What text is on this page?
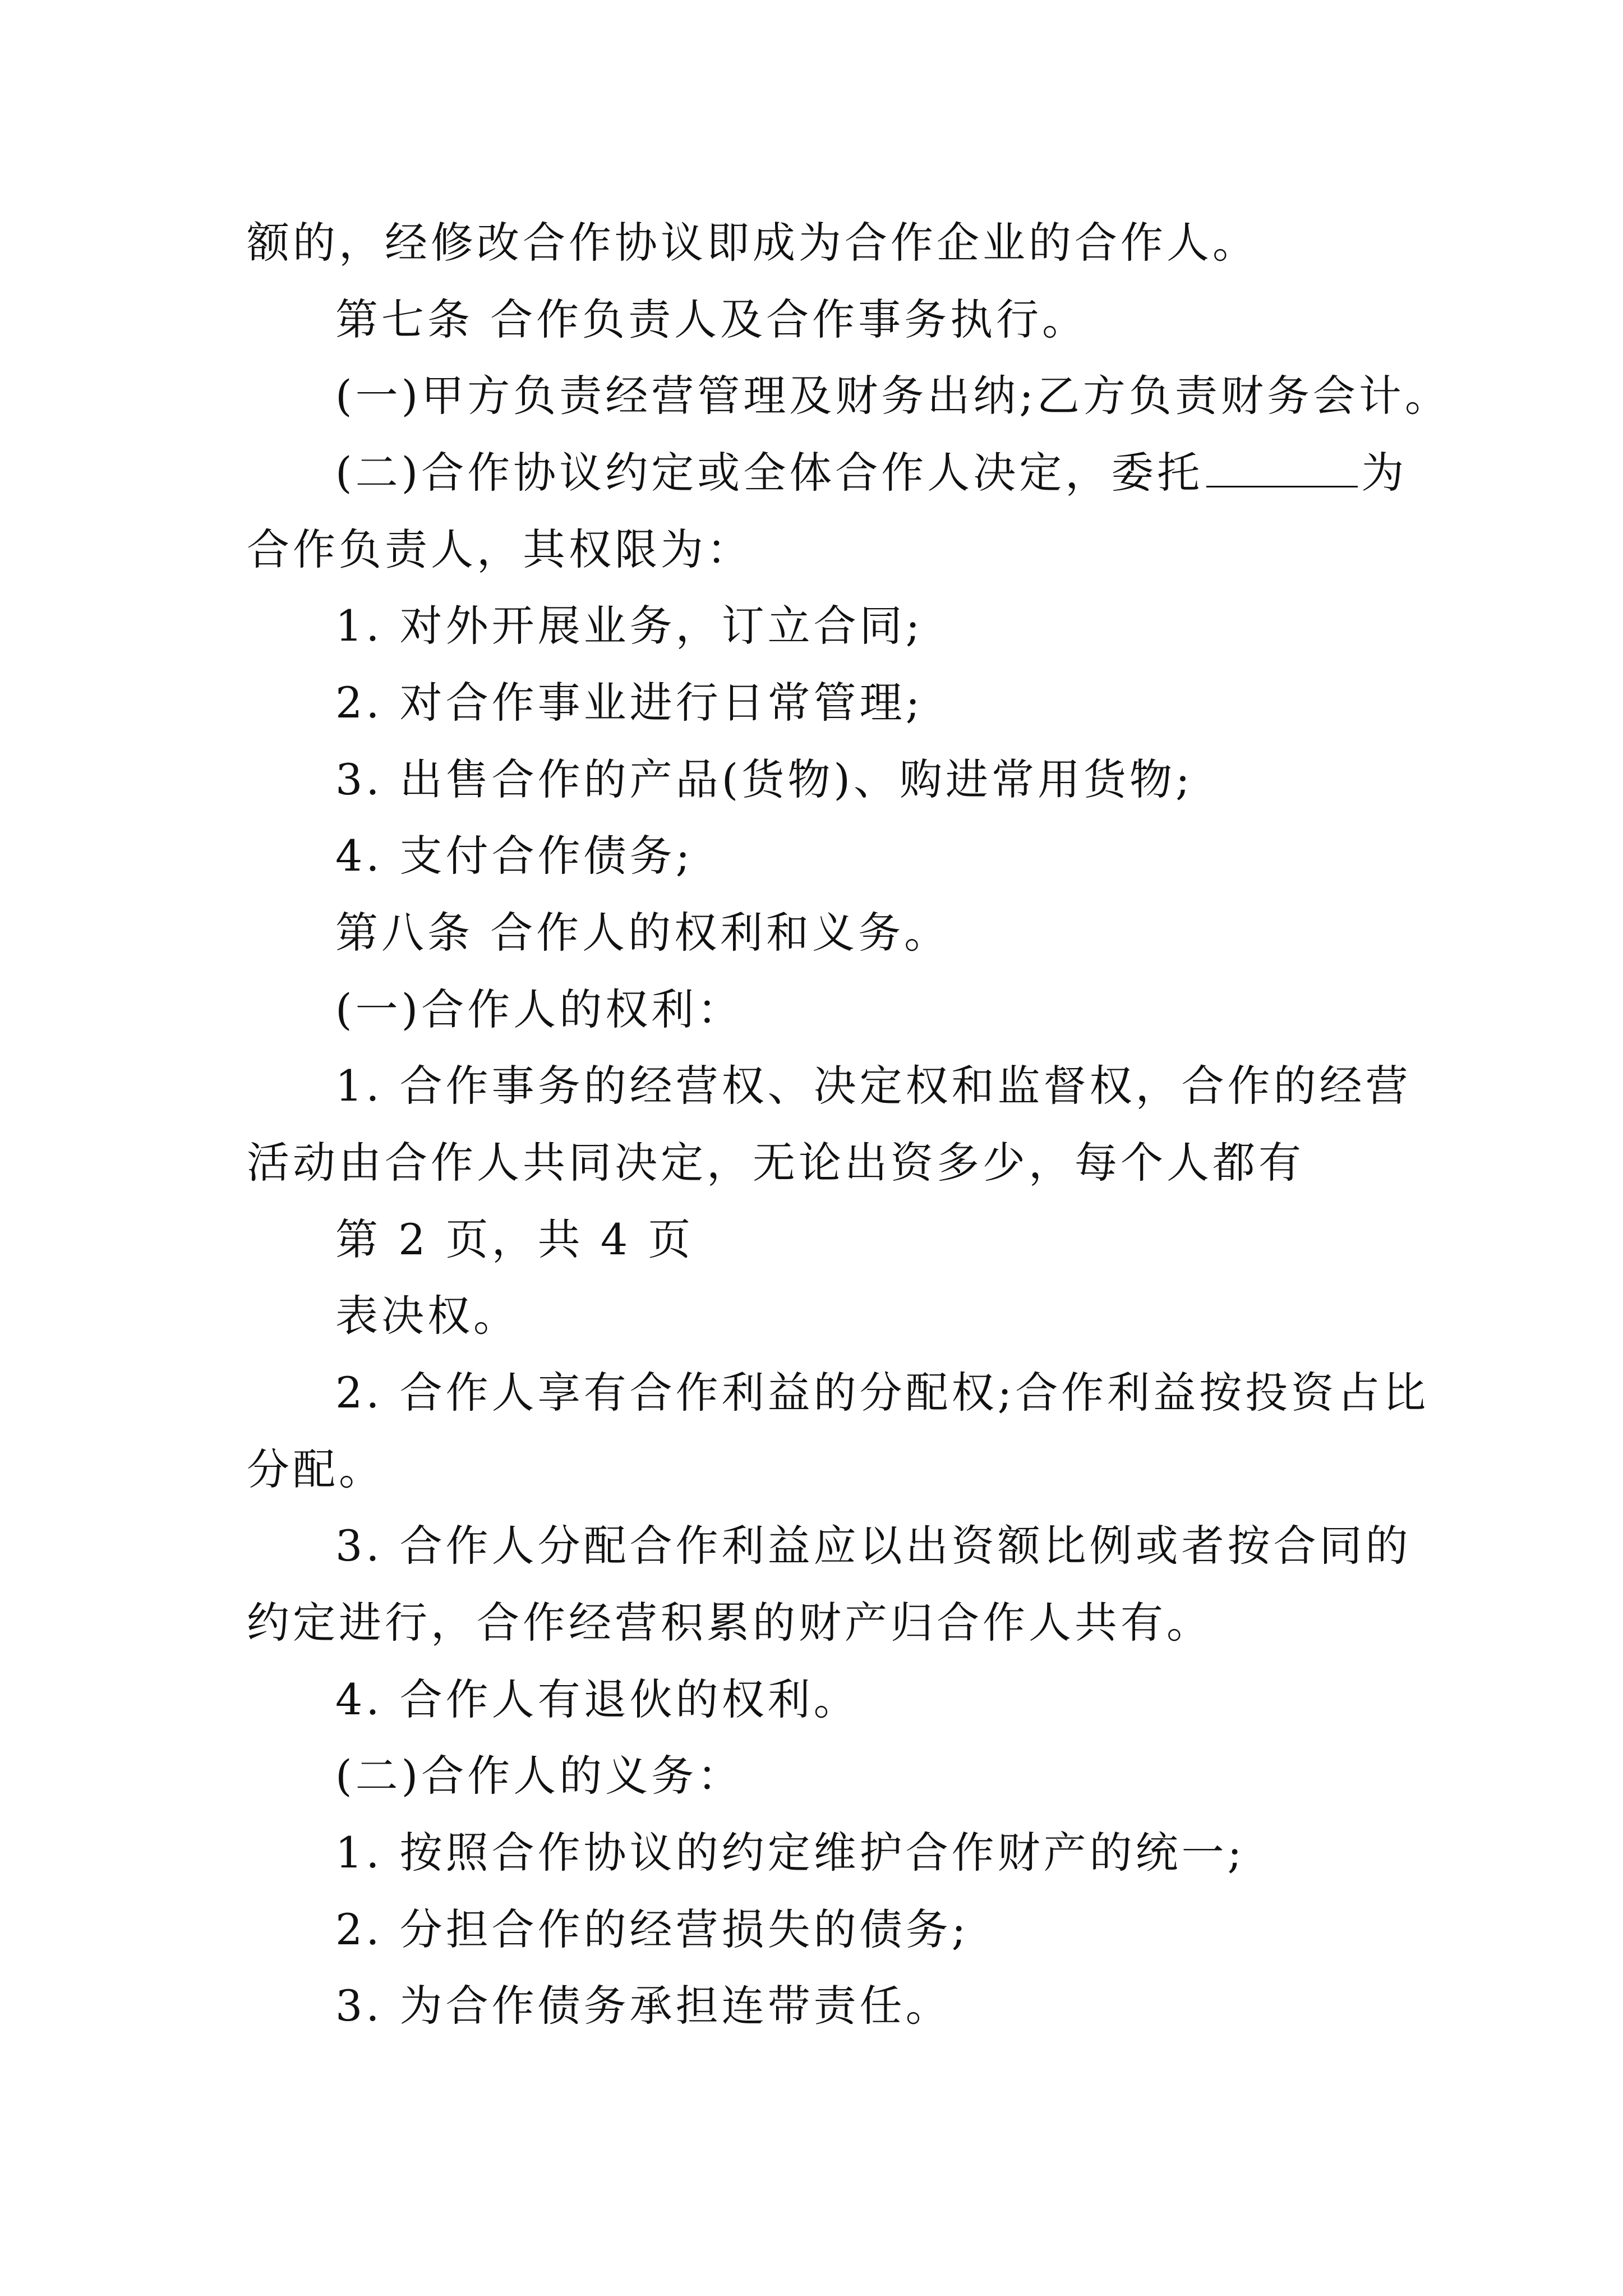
额的，经修改合作协议即成为合作企业的合作人。
第七条 合作负责人及合作事务执行。
(一)甲方负责经营管理及财务出纳;乙方负责财务会计。
(二)合作协议约定或全体合作人决定，委托	为
合作负责人，其权限为：
1. 对外开展业务，订立合同;
2. 对合作事业进行日常管理;
3. 出售合作的产品(货物)、购进常用货物;
4. 支付合作债务;
第八条 合作人的权利和义务。
(一)合作人的权利：
1. 合作事务的经营权、决定权和监督权，合作的经营
活动由合作人共同决定，无论出资多少，每个人都有
第 2 页，共 4 页
表决权。
2. 合作人享有合作利益的分配权;合作利益按投资占比
分配。
3. 合作人分配合作利益应以出资额比例或者按合同的
约定进行，合作经营积累的财产归合作人共有。
4. 合作人有退伙的权利。
(二)合作人的义务：
1. 按照合作协议的约定维护合作财产的统一;
2. 分担合作的经营损失的债务;
3. 为合作债务承担连带责任。
